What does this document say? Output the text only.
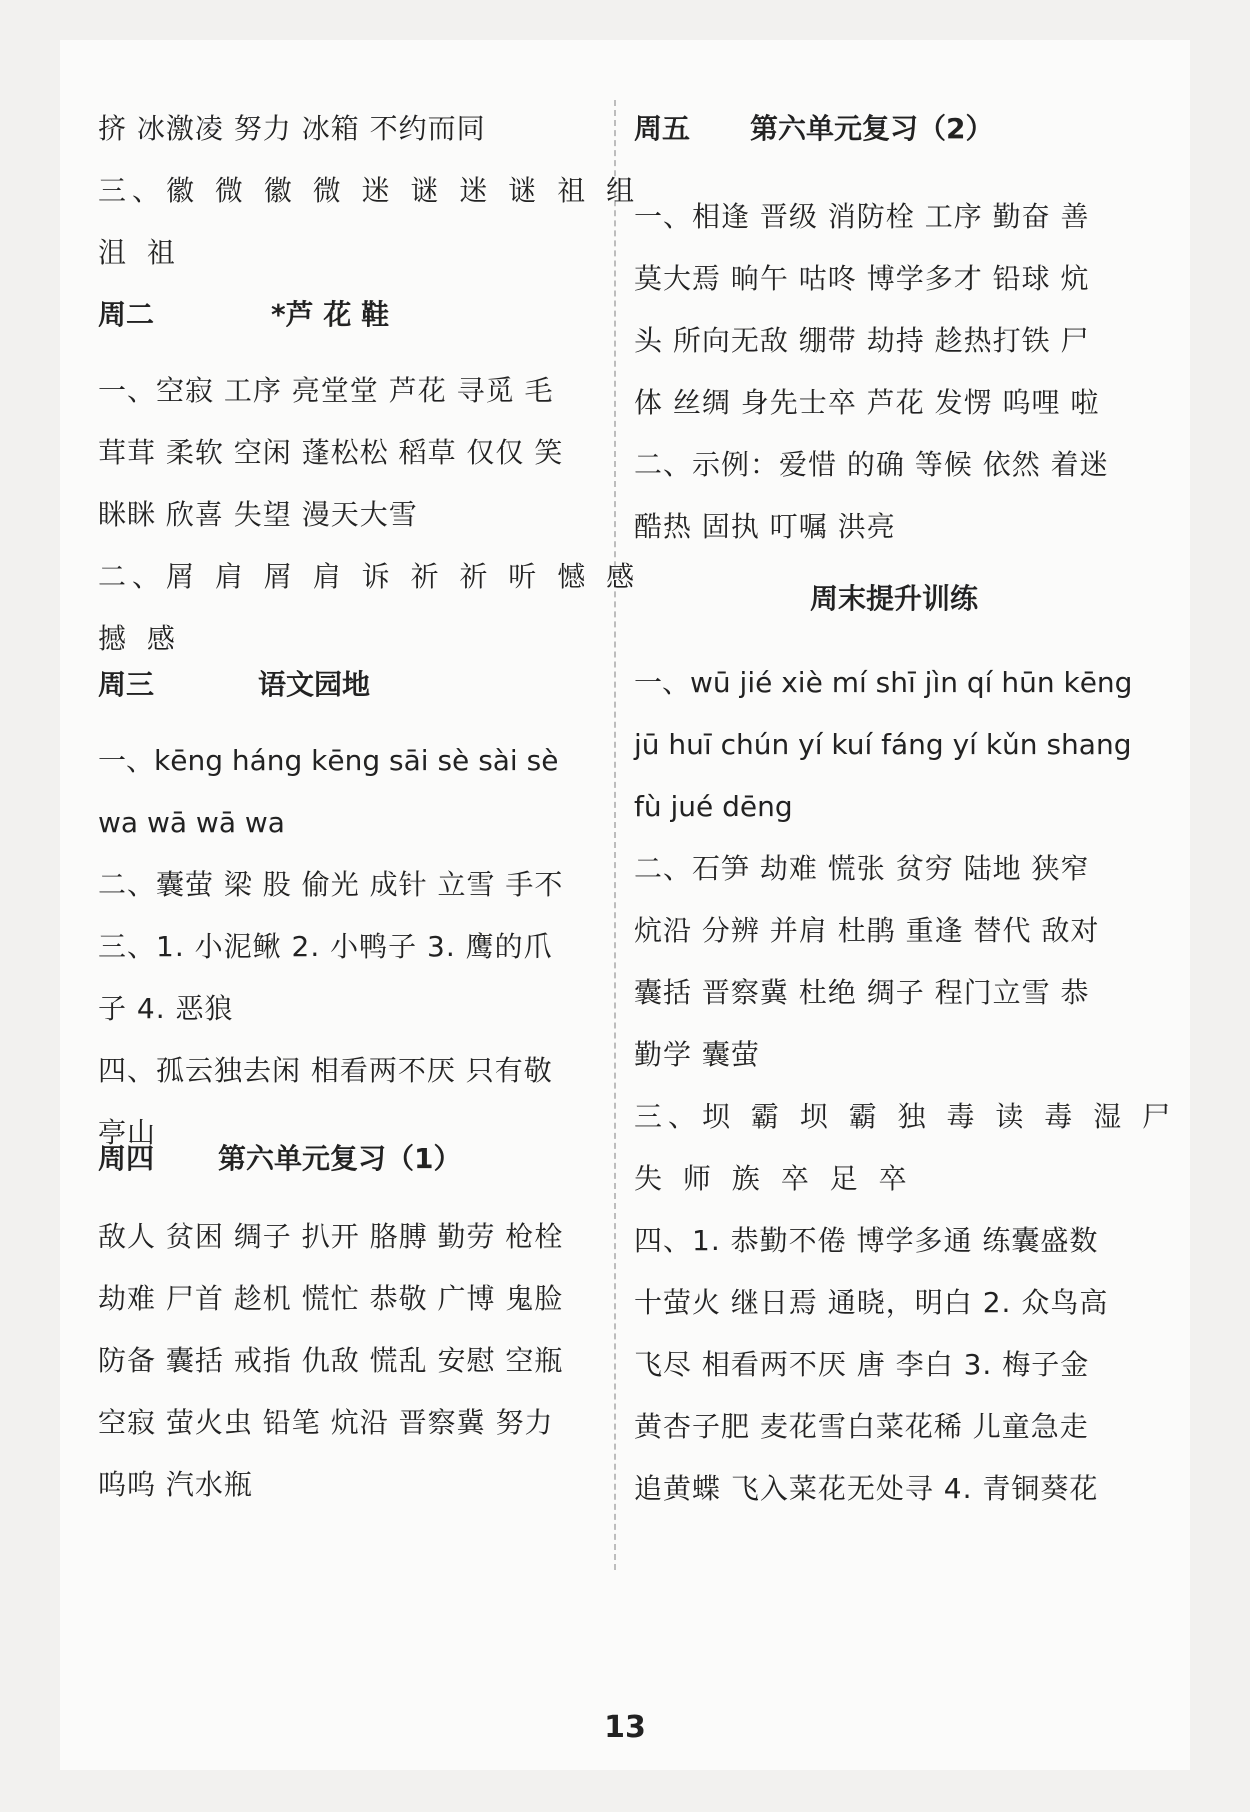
挤 冰激凌 努力 冰箱 不约而同
三、徽 微 徽 微 迷 谜 迷 谜 祖 组
沮 祖
周二	*芦 花 鞋
一、空寂 工序 亮堂堂 芦花 寻觅 毛
茸茸 柔软 空闲 蓬松松 稻草 仅仅 笑
眯眯 欣喜 失望 漫天大雪
二、屑 肩 屑 肩 诉 祈 祈 听 憾 感
撼 感
周三	语文园地
一、kēng háng kēng sāi sè sài sè
wa wā wā wa
二、囊萤 梁 股 偷光 成针 立雪 手不
三、1. 小泥鳅 2. 小鸭子 3. 鹰的爪
子 4. 恶狼
四、孤云独去闲 相看两不厌 只有敬
亭山
周四 第六单元复习（1）
敌人 贫困 绸子 扒开 胳膊 勤劳 枪栓
劫难 尸首 趁机 慌忙 恭敬 广博 鬼脸
防备 囊括 戒指 仇敌 慌乱 安慰 空瓶
空寂 萤火虫 铅笔 炕沿 晋察冀 努力
呜呜 汽水瓶
周五 第六单元复习（2）
一、相逢 晋级 消防栓 工序 勤奋 善
莫大焉 晌午 咕咚 博学多才 铅球 炕
头 所向无敌 绷带 劫持 趁热打铁 尸
体 丝绸 身先士卒 芦花 发愣 呜哩 啦
二、示例：爱惜 的确 等候 依然 着迷
酷热 固执 叮嘱 洪亮
周末提升训练
一、wū jié xiè mí shī jìn qí hūn kēng
jū huī chún yí kuí fáng yí kǔn shang
fù jué dēng
二、石笋 劫难 慌张 贫穷 陆地 狭窄
炕沿 分辨 并肩 杜鹃 重逢 替代 敌对
囊括 晋察冀 杜绝 绸子 程门立雪 恭
勤学 囊萤
三、坝 霸 坝 霸 独 毒 读 毒 湿 尸
失 师 族 卒 足 卒
四、1. 恭勤不倦 博学多通 练囊盛数
十萤火 继日焉 通晓，明白 2. 众鸟高
飞尽 相看两不厌 唐 李白 3. 梅子金
黄杏子肥 麦花雪白菜花稀 儿童急走
追黄蝶 飞入菜花无处寻 4. 青铜葵花
13
